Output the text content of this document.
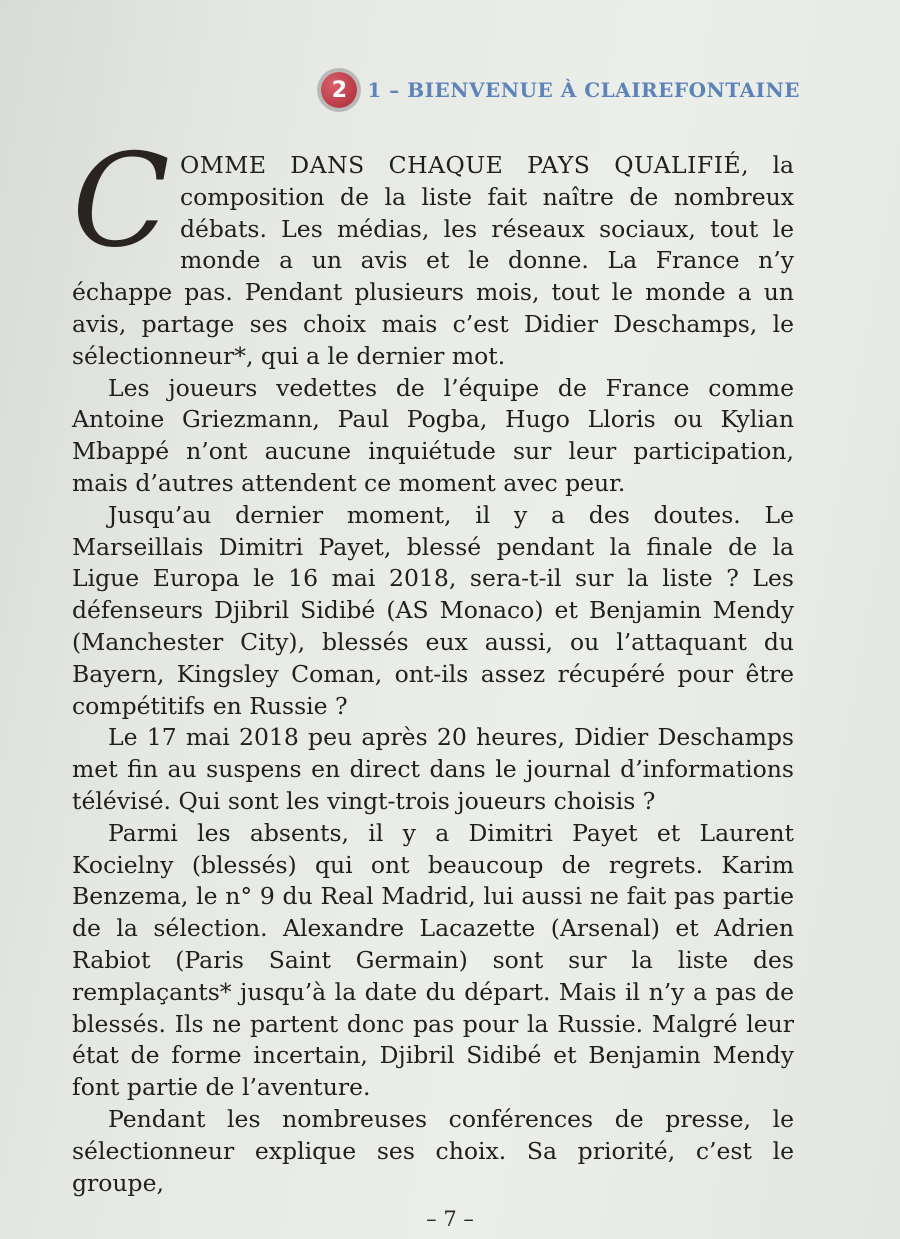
2	1 – BIENVENUE À CLAIREFONTAINE

COMME DANS CHAQUE PAYS QUALIFIÉ, la composition de la liste fait naître de nombreux débats. Les médias, les réseaux sociaux, tout le monde a un avis et le donne. La France n’y échappe pas. Pendant plusieurs mois, tout le monde a un avis, partage ses choix mais c’est Didier Deschamps, le sélectionneur*, qui a le dernier mot.

Les joueurs vedettes de l’équipe de France comme Antoine Griezmann, Paul Pogba, Hugo Lloris ou Kylian Mbappé n’ont aucune inquiétude sur leur participation, mais d’autres attendent ce moment avec peur.

Jusqu’au dernier moment, il y a des doutes. Le Marseillais Dimitri Payet, blessé pendant la finale de la Ligue Europa le 16 mai 2018, sera-t-il sur la liste ? Les défenseurs Djibril Sidibé (AS Monaco) et Benjamin Mendy (Manchester City), blessés eux aussi, ou l’attaquant du Bayern, Kingsley Coman, ont-ils assez récupéré pour être compétitifs en Russie ?

Le 17 mai 2018 peu après 20 heures, Didier Deschamps met fin au suspens en direct dans le journal d’informations télévisé. Qui sont les vingt-trois joueurs choisis ?

Parmi les absents, il y a Dimitri Payet et Laurent Kocielny (blessés) qui ont beaucoup de regrets. Karim Benzema, le n° 9 du Real Madrid, lui aussi ne fait pas partie de la sélection. Alexandre Lacazette (Arsenal) et Adrien Rabiot (Paris Saint Germain) sont sur la liste des remplaçants* jusqu’à la date du départ. Mais il n’y a pas de blessés. Ils ne partent donc pas pour la Russie. Malgré leur état de forme incertain, Djibril Sidibé et Benjamin Mendy font partie de l’aventure.

Pendant les nombreuses conférences de presse, le sélectionneur explique ses choix. Sa priorité, c’est le groupe,

– 7 –
